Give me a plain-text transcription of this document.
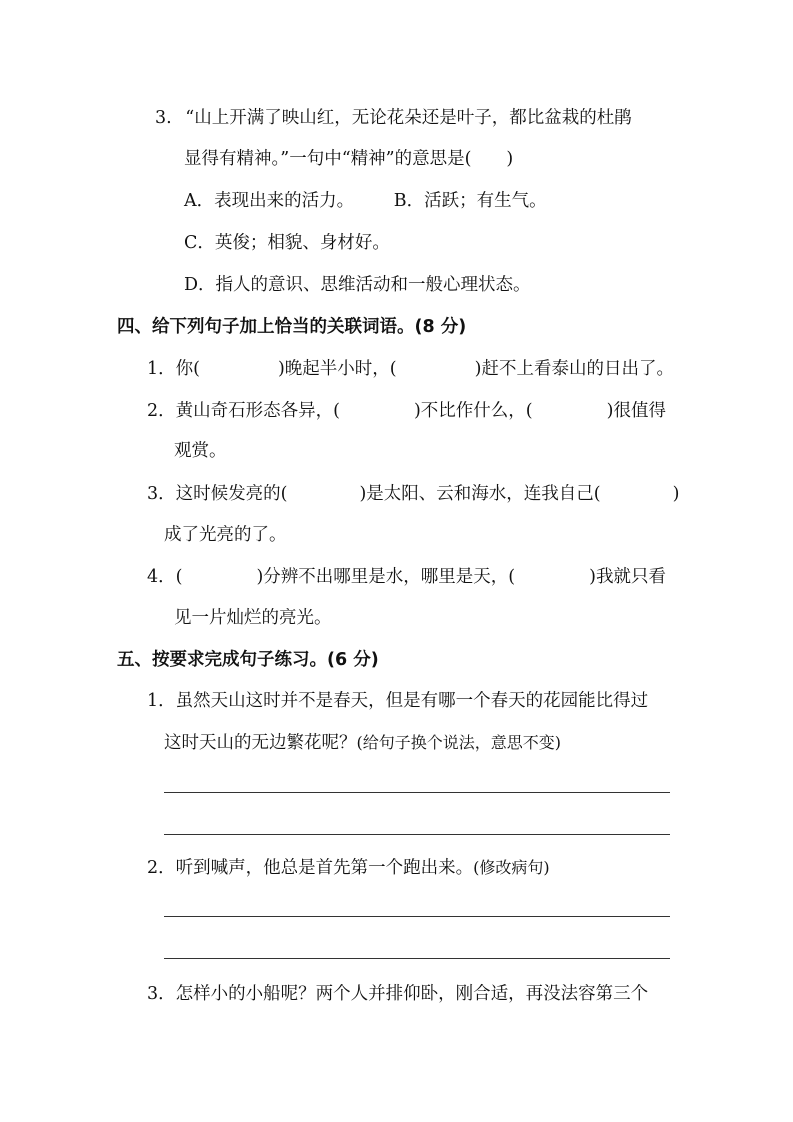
3. “山上开满了映山红，无论花朵还是叶子，都比盆栽的杜鹃
显得有精神。”一句中“精神”的意思是(　　)
A．表现出来的活力。 B．活跃；有生气。
C．英俊；相貌、身材好。
D．指人的意识、思维活动和一般心理状态。
四、给下列句子加上恰当的关联词语。(8 分)
1．你(	)晚起半小时，(	)赶不上看泰山的日出了。
2．黄山奇石形态各异，(	)不比作什么，(	)很值得
观赏。
3．这时候发亮的(	)是太阳、云和海水，连我自己(	)
成了光亮的了。
4．(	)分辨不出哪里是水，哪里是天，(	)我就只看
见一片灿烂的亮光。
五、按要求完成句子练习。(6 分)
1．虽然天山这时并不是春天，但是有哪一个春天的花园能比得过
这时天山的无边繁花呢？(给句子换个说法，意思不变)
2．听到喊声，他总是首先第一个跑出来。(修改病句)
3．怎样小的小船呢？两个人并排仰卧，刚合适，再没法容第三个
